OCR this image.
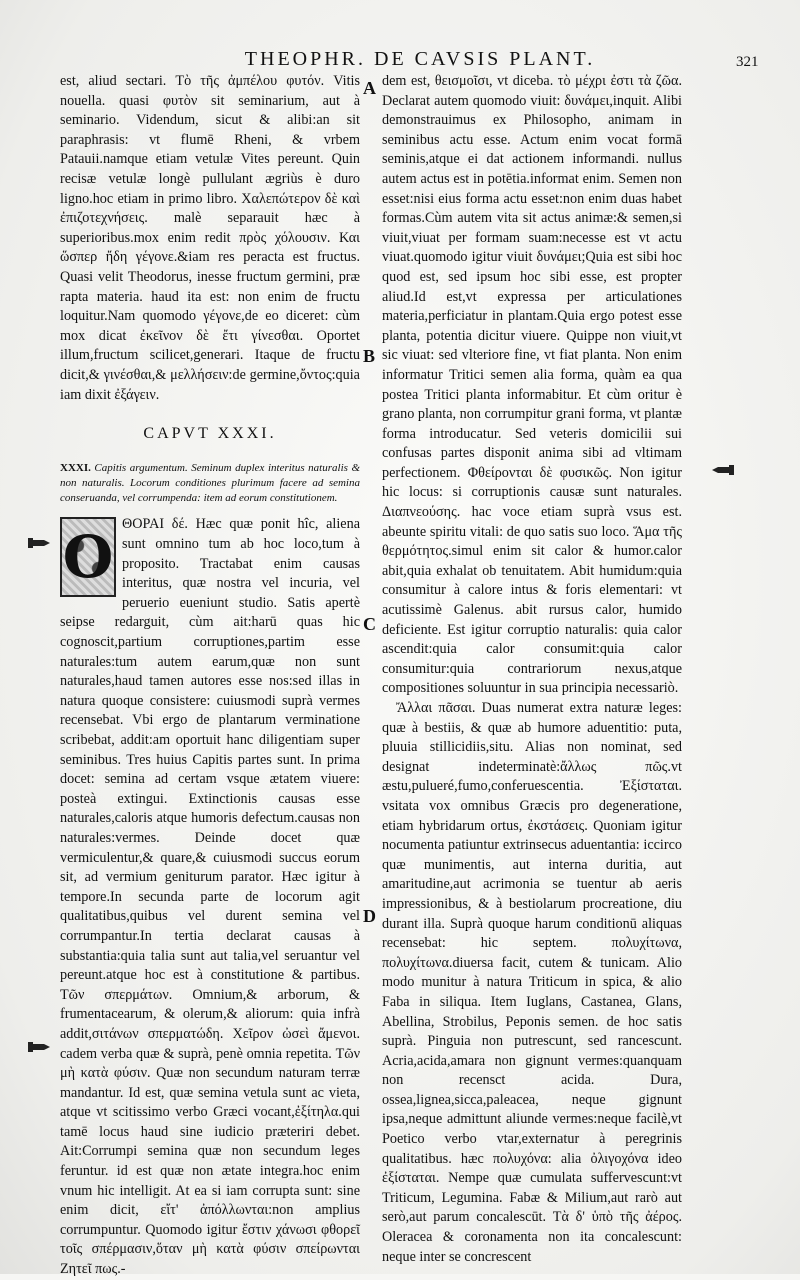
THEOPHR. DE CAVSIS PLANT.	321
A
B
C
D

est, aliud sectari. Τὸ τῆς ἀμπέλου φυτόν. Vitis nouella. quasi φυτὸν sit seminarium, aut à seminario. Videndum, sicut & alibi:an sit paraphrasis: vt flumē Rheni, & vrbem Patauii.namque etiam vetulæ Vites pereunt. Quin recisæ vetulæ longè pullulant ægriùs è duro ligno.hoc etiam in primo libro. Χαλεπώτερον δὲ καὶ ἐπιζοτεχνήσεις. malè separauit hæc à superioribus.mox enim redit πρὸς χόλουσιν. Και ὥσπερ ἤδη γέγονε.&iam res peracta est fructus. Quasi velit Theodorus, inesse fructum germini, præ rapta materia. haud ita est: non enim de fructu loquitur.Nam quomodo γέγονε,de eo diceret: cùm mox dicat ἐκεῖνον δὲ ἔτι γίνεσθαι. Oportet illum,fructum scilicet,generari. Itaque de fructu dicit,& γινέσθαι,& μελλήσειν:de germine,ὄντος:quia iam dixit ἐξάγειν.

CAPVT XXXI.

XXXI. Capitis argumentum. Seminum duplex interitus naturalis & non naturalis. Locorum conditiones plurimum facere ad semina conseruanda, vel corrumpenda: item ad eorum constitutionem.

O ΘΟΡΑΙ δέ. Hæc quæ ponit hîc, aliena sunt omnino tum ab hoc loco,tum à proposito. Tractabat enim causas interitus, quæ nostra vel incuria, vel peruerio eueniunt studio. Satis apertè seipse redarguit, cùm ait:harū quas hic cognoscit,partium corruptiones,partim esse naturales:tum autem earum,quæ non sunt naturales,haud tamen autores esse nos:sed illas in natura quoque consistere: cuiusmodi suprà vermes recensebat. Vbi ergo de plantarum verminatione scribebat, addit:am oportuit hanc diligentiam super seminibus. Tres huius Capitis partes sunt. In prima docet: semina ad certam vsque ætatem viuere: posteà extingui. Extinctionis causas esse naturales,caloris atque humoris defectum.causas non naturales:vermes. Deinde docet quæ vermiculentur,& quare,& cuiusmodi succus eorum sit, ad vermium geniturum parator. Hæc igitur à tempore.In secunda parte de locorum agit qualitatibus,quibus vel durent semina vel corrumpantur.In tertia declarat causas à substantia:quia talia sunt aut talia,vel seruantur vel pereunt.atque hoc est à constitutione & partibus. Τῶν σπερμάτων. Omnium,& arborum, & frumentacearum, & olerum,& aliorum: quia infrà addit,σιτάνων σπερματώδη. Χεῖρον ὠσεὶ ἄμενοι. cadem verba quæ & suprà, penè omnia repetita. Τῶν μὴ κατὰ φύσιν. Quæ non secundum naturam terræ mandantur. Id est, quæ semina vetula sunt ac vieta, atque vt scitissimo verbo Græci vocant,ἐξίτηλα.qui tamē locus haud sine iudicio præteriri debet. Ait:Corrumpi semina quæ non secundum leges feruntur. id est quæ non ætate integra.hoc enim vnum hic intelligit. At ea si iam corrupta sunt: sine enim dicit, εἴτ' ἀπόλλωνται:non amplius corrumpuntur. Quomodo igitur ἔστιν χάνωσι φθορεῖ τοῖς σπέρμασιν,ὅταν μὴ κατὰ φύσιν σπείρωνται Ζητεῖ πως.-

dem est, θεισμοῖσι, vt diceba. τὸ μέχρι ἐστι τὰ ζῶα. Declarat autem quomodo viuit: δυνάμει,inquit. Alibi demonstrauimus ex Philosopho, animam in seminibus actu esse. Actum enim vocat formā seminis,atque ei dat actionem informandi. nullus autem actus est in potētia.informat enim. Semen non esset:nisi eius forma actu esset:non enim duas habet formas.Cùm autem vita sit actus animæ:& semen,si viuit,viuat per formam suam:necesse est vt actu viuat.quomodo igitur viuit δυνάμει;Quia est sibi hoc quod est, sed ipsum hoc sibi esse, est propter aliud.Id est,vt expressa per articulationes materia,perficiatur in plantam.Quia ergo potest esse planta, potentia dicitur viuere. Quippe non viuit,vt sic viuat: sed vlteriore fine, vt fiat planta. Non enim informatur Tritici semen alia forma, quàm ea qua postea Tritici planta informabitur. Et cùm oritur è grano planta, non corrumpitur grani forma, vt plantæ forma introducatur. Sed veteris domicilii sui confusas partes disponit anima sibi ad vltimam perfectionem. Φθείρονται δὲ φυσικῶς. Non igitur hic locus: si corruptionis causæ sunt naturales. Διαπνεούσης. hac voce etiam suprà vsus est. abeunte spiritu vitali: de quo satis suo loco. Ἅμα τῆς θερμότητος.simul enim sit calor & humor.calor abit,quia exhalat ob tenuitatem. Abit humidum:quia consumitur à calore intus & foris elementari: vt acutissimè Galenus. abit rursus calor, humido deficiente. Est igitur corruptio naturalis: quia calor ascendit:quia calor consumit:quia calor consumitur:quia contrariorum nexus,atque compositiones soluuntur in sua principia necessariò.

Ἄλλαι πᾶσαι. Duas numerat extra naturæ leges: quæ à bestiis, & quæ ab humore aduentitio: puta, pluuia stillicidiis,situ. Alias non nominat, sed designat indeterminatè:ἄλλως πῶς.vt æstu,pulueré,fumo,conferuescentia. Ἐξίσταται. vsitata vox omnibus Græcis pro degeneratione, etiam hybridarum ortus, ἐκστάσεις. Quoniam igitur nocumenta patiuntur extrinsecus aduentantia: iccirco quæ munimentis, aut interna duritia, aut amaritudine,aut acrimonia se tuentur ab aeris impressionibus, & à bestiolarum procreatione, diu durant illa. Suprà quoque harum conditionū aliquas recensebat: hic septem. πολυχίτωνα, πολυχίτωνα.diuersa facit, cutem & tunicam. Alio modo munitur à natura Triticum in spica, & alio Faba in siliqua. Item Iuglans, Castanea, Glans, Abellina, Strobilus, Peponis semen. de hoc satis suprà. Pinguia non putrescunt, sed rancescunt. Acria,acida,amara non gignunt vermes:quanquam non recensct acida. Dura, ossea,lignea,sicca,paleacea, neque gignunt ipsa,neque admittunt aliunde vermes:neque facilè,vt Poetico verbo vtar,externatur à peregrinis qualitatibus. hæc πολυχόνα: alia ὀλιγοχόνα ideo ἐξίσταται. Nempe quæ cumulata suffervescunt:vt Triticum, Legumina. Fabæ & Milium,aut rarò aut serò,aut parum concalescūt. Τὰ δ' ὑπὸ τῆς ἀέρος. Oleracea & coronamenta non ita concalescunt: neque inter se concrescent
